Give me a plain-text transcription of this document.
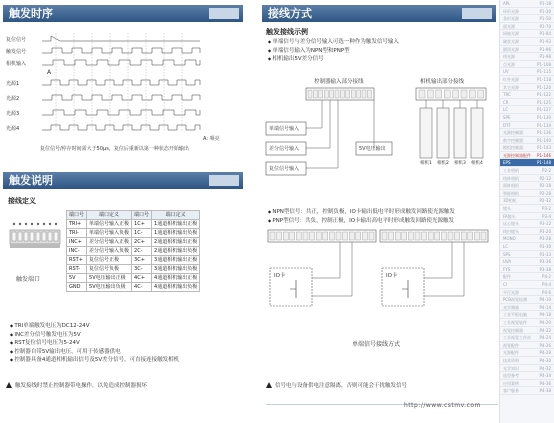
触发时序
复位信号
触发信号
相机输入
光源1
光源2
光源3
光源4
A
A: 频亮
复位信号/停存时间需大于50μs，复位后重新以第一种状态开始输出
触发说明
接线定义
触发端口
端口号	端口定义	端口号	端口定义
TRI+	单端信号输入正极	1C+	1通道相机输出正极
TRI-	单端信号输入负极	1C-	1通道相机输出负极
INC+	差分信号输入正极	2C+	2通道相机输出正极
INC-	差分信号输入负极	2C-	2通道相机输出负极
RST+	复位信号正极	3C+	3通道相机输出正极
RST-	复位信号负极	3C-	3通道相机输出负极
5V	5V电压输出正极	4C+	4通道相机输出正极
GND	5V电压输出负极	4C-	4通道相机输出负极
◆ TRI单端触发电压为DC12-24V
◆ INC差分信号触发电压为5V
◆ RST复位信号电压为5-24V
◆ 控制器自带5V输出电压，可用于传感器供电
◆ 控制器具备4通道相机输出信号及5V差分信号，可直接连接触发相机
触发接线时禁止控制器带电操作，以免造成控制器损坏
接线方式
触发接线示例
◆ 单端信号与差分信号输入可选一种作为触发信号输入
◆ 单端信号输入为NPN型和PNP型
◆ 相机输出5V差分信号
控制器输入部分接线	相机输出部分接线
单端信号输入
差分信号输入
复位信号输入
5V电压输出
相机1 相机2 相机3 相机4
◆ NPN型信号：共正，控制负极，IO卡输出低电平时形成触发回路使光源触发
◆ PNP型信号：共负，控制正极，IO卡输出高电平时形成触发回路使光源触发
IO卡	IO卡
单端信号接线方式
信号电与设备供电注意隔离，否则可能会干扰触发信号
http://www.cstmv.com
APL	P1-18
环形光源	P1-30
条形光源	P1-50
面光源	P1-70
同轴光源	P1-84
碗状光源	P1-93
圆顶光源	P1-96
线光源	P1-98
点光源	P1-108
UV	P1-115
红外光源	P1-118
其它光源	P1-120
TRC	P1-122
CR	P1-125
LC	P1-127
SPE	P1-130
DTF	P1-134
光源控制器	P1-136
数字控制器	P1-140
模拟控制器	P1-143
光源控制器配件 P1-146
EPS	P1-148
工业相机	P2-2
线阵相机	P2-12
面阵相机	P2-18
智能相机	P2-28
3D相机	P2-32
镜头	P3-2
FA镜头	P3-4
远心镜头	P3-12
线扫镜头	P3-20
MONO	P3-28
LC	P3-30
SPS	P3-33
UVA	P3-36
FYS	P3-38
配件	P4-2
CI	P4-4
平行光源	P4-6
PCB视觉检测	P4-10
光学测量	P4-14
工业平板电脑	P4-18
工业视觉软件	P4-20
视觉控制器	P4-22
工业视觉工作站 P4-24
视觉配件	P4-26
光源配件	P4-28
技术资料	P4-30
光学知识	P4-32
选型参考	P4-34
应用案例	P4-36
客户服务	P4-38
